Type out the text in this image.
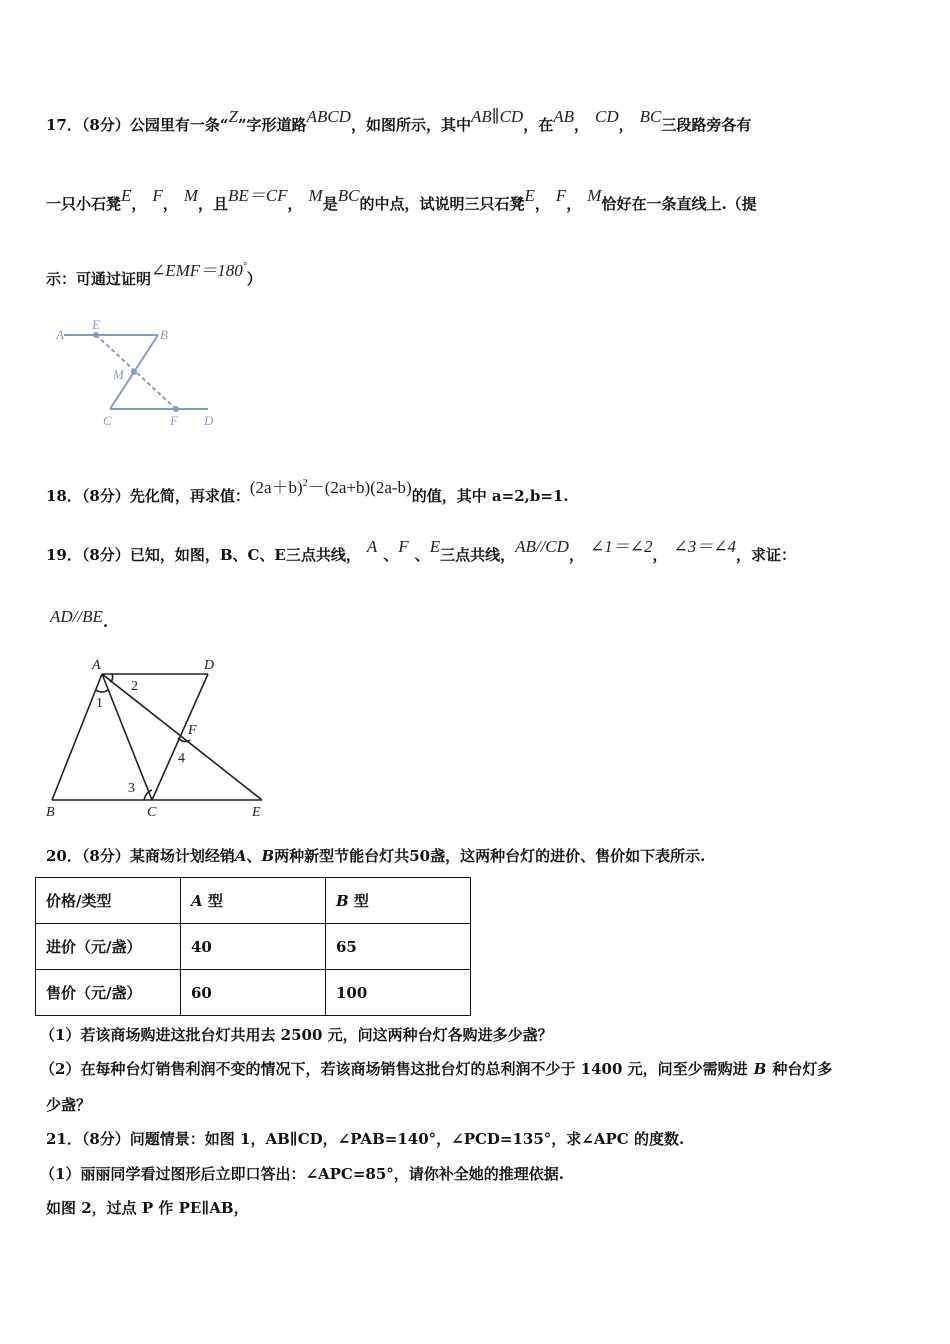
17．（8分）公园里有一条“Z”字形道路ABCD，如图所示，其中AB∥CD，在AB， CD， BC三段路旁各有
一只小石凳E， F， M，且BE＝CF， M是BC的中点，试说明三只石凳E， F， M恰好在一条直线上.（提
示：可通过证明∠EMF＝180°）
A
E
B
M
C	F D
18．（8分）先化简，再求值：$(2a+b)^2-(2a+b)(2a-b)$的值，其中 a=2,b=1.
19．（8分）已知，如图，B、C、E三点共线， A 、F 、E三点共线，AB//CD， ∠1＝∠2， ∠3＝∠4，求证：
AD//BE.
A	D
2
1
F
4
3
B	C	E
20．（8分）某商场计划经销A、B两种新型节能台灯共50盏，这两种台灯的进价、售价如下表所示.
价格/类型	A 型	B 型
进价（元/盏）	40	65
售价（元/盏）	60	100
（1）若该商场购进这批台灯共用去 2500 元，问这两种台灯各购进多少盏？
（2）在每种台灯销售利润不变的情况下，若该商场销售这批台灯的总利润不少于 1400 元，问至少需购进 B 种台灯多
少盏？
21．（8分）问题情景：如图 1，AB∥CD，∠PAB=140°，∠PCD=135°，求∠APC 的度数.
（1）丽丽同学看过图形后立即口答出：∠APC=85°，请你补全她的推理依据.
如图 2，过点 P 作 PE∥AB，
